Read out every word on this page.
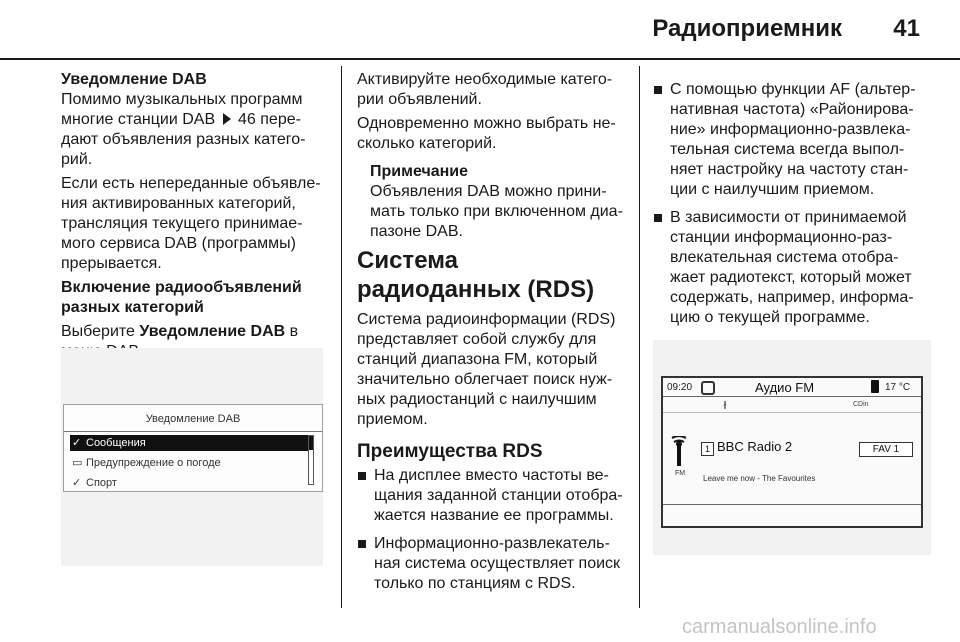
Радиоприемник 41

Уведомление DAB

Помимо музыкальных программ многие станции DAB  46 пере-дают объявления разных катего-рий.

Если есть непереданные объявле-ния активированных категорий, трансляция текущего принимае-мого сервиса DAB (программы) прерывается.

Включение радиообъявлений разных категорий

Выберите Уведомление DAB в

Уведомление DAB
✓ Сообщения
▭ Предупреждение о погоде
✓ Спорт

Активируйте необходимые катего-рии объявлений.

Одновременно можно выбрать не-сколько категорий.

Примечание
Объявления DAB можно прини-мать только при включенном диа-пазоне DAB.
Система радиоданных (RDS)

Система радиоинформации (RDS) представляет собой службу для станций диапазона FM, который значительно облегчает поиск нуж-ных радиостанций с наилучшим приемом.

Преимущества RDS
На дисплее вместо частоты ве-щания заданной станции отобра-жается название ее программы.
Информационно-развлекатель-ная система осуществляет поиск только по станциям с RDS.
С помощью функции AF (альтер-нативная частота) «Районирова-ние» информационно-развлека-тельная система всегда выпол-няет настройку на частоту стан-ции с наилучшим приемом.
В зависимости от принимаемой станции информационно-раз-влекательная система отобра-жает радиотекст, который может содержать, например, информа-цию о текущей программе.
09:20	Аудио FM	17 °C
∦	CDin
FM
1 BBC Radio 2	FAV 1
Leave me now - The Favourites
carmanualsonline.info
